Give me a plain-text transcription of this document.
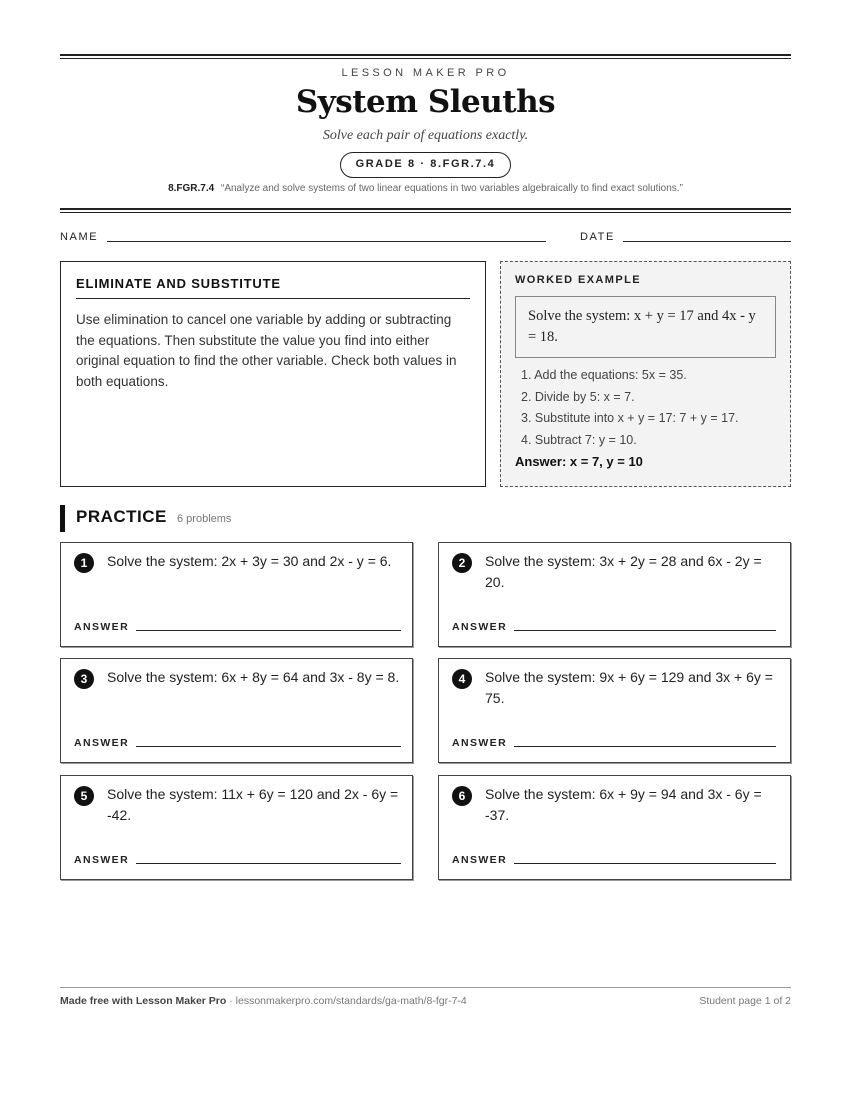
LESSON MAKER PRO
System Sleuths
Solve each pair of equations exactly.
GRADE 8 · 8.FGR.7.4
8.FGR.7.4 “Analyze and solve systems of two linear equations in two variables algebraically to find exact solutions.”
NAME	DATE
ELIMINATE AND SUBSTITUTE
Use elimination to cancel one variable by adding or subtracting the equations. Then substitute the value you find into either original equation to find the other variable. Check both values in both equations.
WORKED EXAMPLE
Solve the system: x + y = 17 and 4x - y = 18.
1. Add the equations: 5x = 35.
2. Divide by 5: x = 7.
3. Substitute into x + y = 17: 7 + y = 17.
4. Subtract 7: y = 10.
Answer: x = 7, y = 10
PRACTICE 6 problems
1	Solve the system: 2x + 3y = 30 and 2x - y = 6.
ANSWER
2	Solve the system: 3x + 2y = 28 and 6x - 2y = 20.
ANSWER
3	Solve the system: 6x + 8y = 64 and 3x - 8y = 8.
ANSWER
4	Solve the system: 9x + 6y = 129 and 3x + 6y = 75.
ANSWER
5	Solve the system: 11x + 6y = 120 and 2x - 6y = -42.
ANSWER
6	Solve the system: 6x + 9y = 94 and 3x - 6y = -37.
ANSWER
Made free with Lesson Maker Pro · lessonmakerpro.com/standards/ga-math/8-fgr-7-4	Student page 1 of 2
